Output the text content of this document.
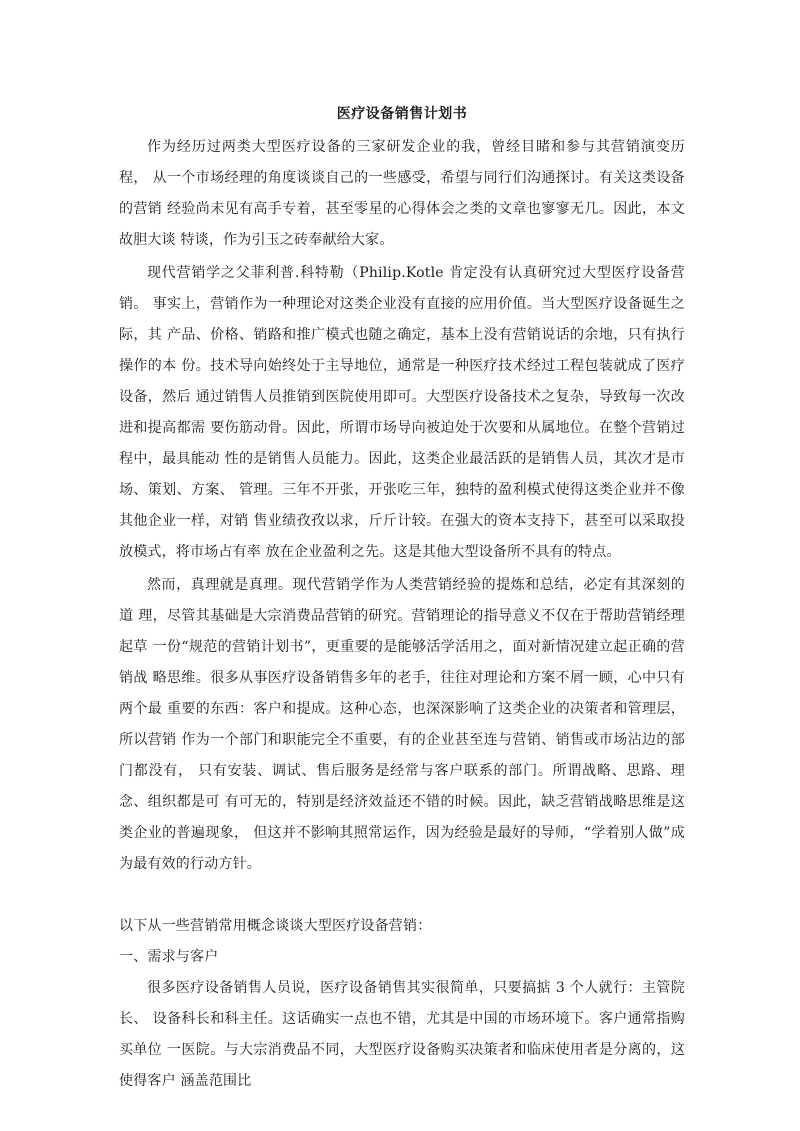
医疗设备销售计划书

作为经历过两类大型医疗设备的三家研发企业的我，曾经目睹和参与其营销演变历程， 从一个市场经理的角度谈谈自己的一些感受，希望与同行们沟通探讨。有关这类设备的营销 经验尚未见有高手专着，甚至零星的心得体会之类的文章也寥寥无几。因此，本文故胆大谈 特谈，作为引玉之砖奉献给大家。

现代营销学之父菲利普.科特勒（Philip.Kotle 肯定没有认真研究过大型医疗设备营销。 事实上，营销作为一种理论对这类企业没有直接的应用价值。当大型医疗设备诞生之际，其 产品、价格、销路和推广模式也随之确定，基本上没有营销说话的余地，只有执行操作的本 份。技术导向始终处于主导地位，通常是一种医疗技术经过工程包装就成了医疗设备，然后 通过销售人员推销到医院使用即可。大型医疗设备技术之复杂，导致每一次改进和提高都需 要伤筋动骨。因此，所谓市场导向被迫处于次要和从属地位。在整个营销过程中，最具能动 性的是销售人员能力。因此，这类企业最活跃的是销售人员，其次才是市场、策划、方案、 管理。三年不开张，开张吃三年，独特的盈利模式使得这类企业并不像其他企业一样，对销 售业绩孜孜以求，斤斤计较。在强大的资本支持下，甚至可以采取投放模式，将市场占有率 放在企业盈利之先。这是其他大型设备所不具有的特点。

然而，真理就是真理。现代营销学作为人类营销经验的提炼和总结，必定有其深刻的道 理，尽管其基础是大宗消费品营销的研究。营销理论的指导意义不仅在于帮助营销经理起草 一份“规范的营销计划书”，更重要的是能够活学活用之，面对新情况建立起正确的营销战 略思维。很多从事医疗设备销售多年的老手，往往对理论和方案不屑一顾，心中只有两个最 重要的东西：客户和提成。这种心态，也深深影响了这类企业的决策者和管理层，所以营销 作为一个部门和职能完全不重要，有的企业甚至连与营销、销售或市场沾边的部门都没有， 只有安装、调试、售后服务是经常与客户联系的部门。所谓战略、思路、理念、组织都是可 有可无的，特别是经济效益还不错的时候。因此，缺乏营销战略思维是这类企业的普遍现象， 但这并不影响其照常运作，因为经验是最好的导师，“学着别人做”成为最有效的行动方针。

以下从一些营销常用概念谈谈大型医疗设备营销：

一、需求与客户

很多医疗设备销售人员说，医疗设备销售其实很简单，只要搞掂 3 个人就行：主管院长、 设备科长和科主任。这话确实一点也不错，尤其是中国的市场环境下。客户通常指购买单位 一医院。与大宗消费品不同，大型医疗设备购买决策者和临床使用者是分离的，这使得客户 涵盖范围比
